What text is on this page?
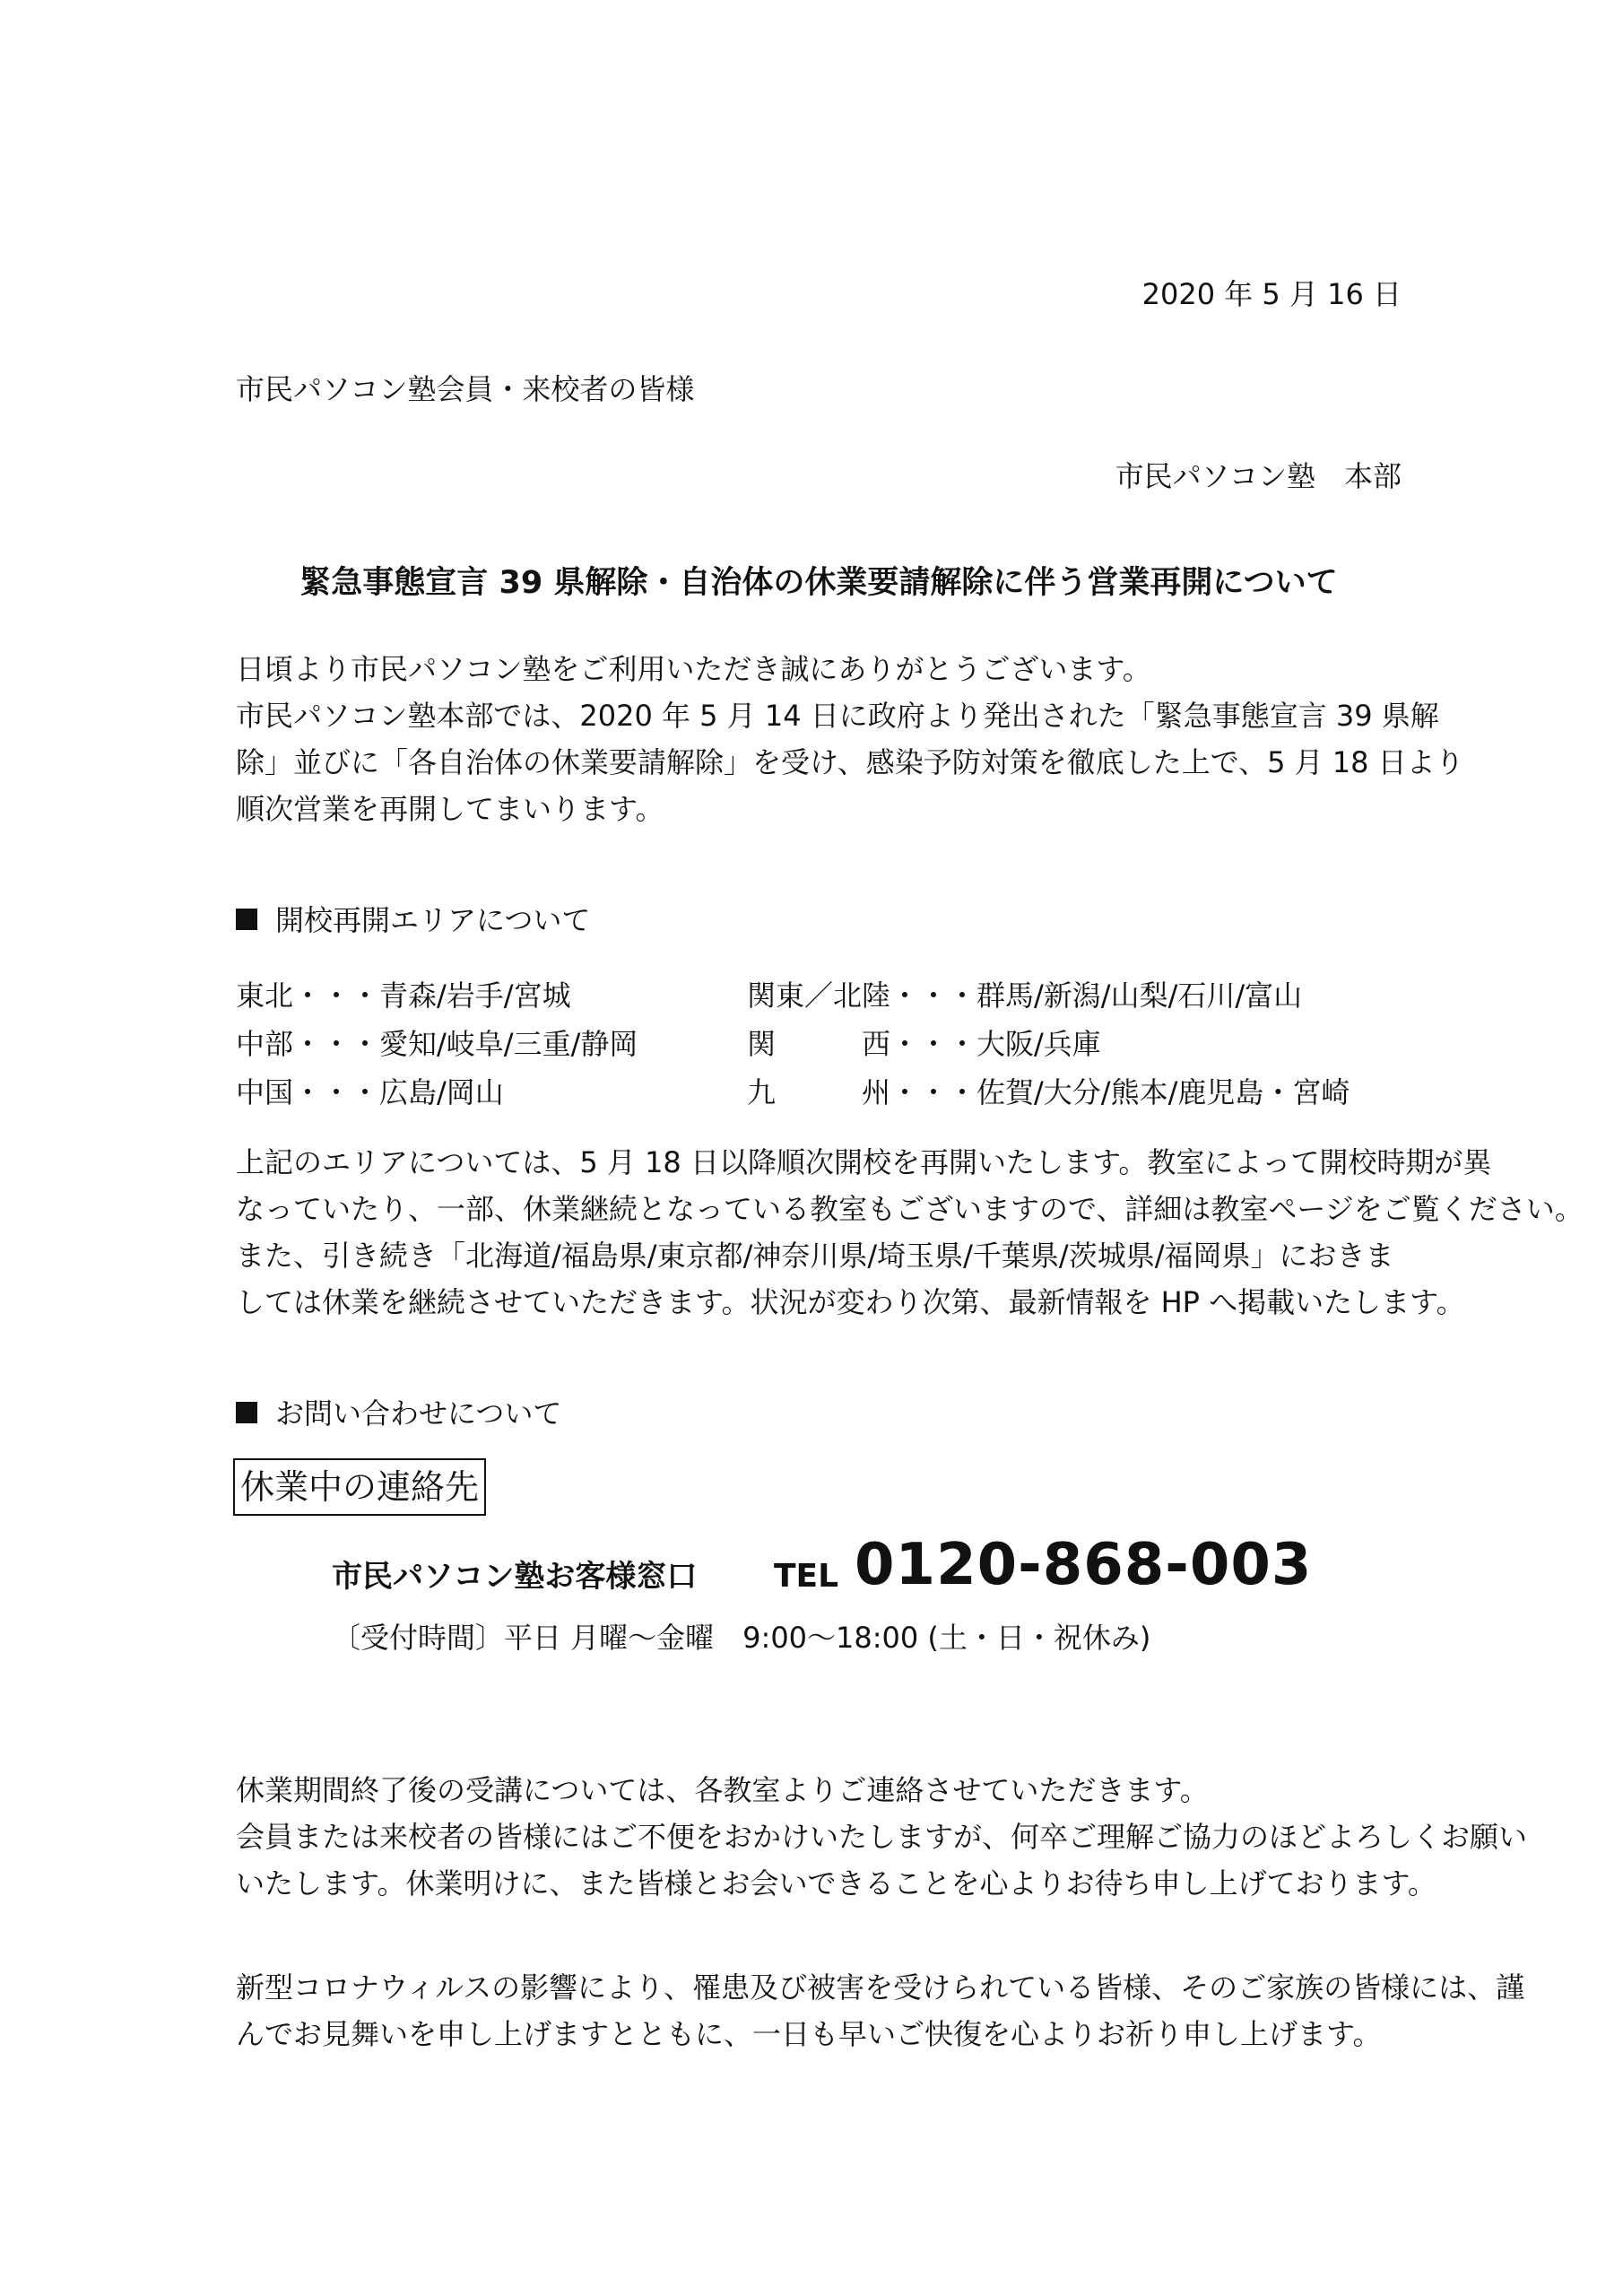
2020 年 5 月 16 日
市民パソコン塾会員・来校者の皆様
市民パソコン塾　本部
緊急事態宣言 39 県解除・自治体の休業要請解除に伴う営業再開について
日頃より市民パソコン塾をご利用いただき誠にありがとうございます。
市民パソコン塾本部では、2020 年 5 月 14 日に政府より発出された「緊急事態宣言 39 県解
除」並びに「各自治体の休業要請解除」を受け、感染予防対策を徹底した上で、5 月 18 日より
順次営業を再開してまいります。
開校再開エリアについて
東北・・・青森/岩手/宮城	関東／北陸・・・群馬/新潟/山梨/石川/富山
中部・・・愛知/岐阜/三重/静岡	関　　　西・・・大阪/兵庫
中国・・・広島/岡山	九　　　州・・・佐賀/大分/熊本/鹿児島・宮崎
上記のエリアについては、5 月 18 日以降順次開校を再開いたします。教室によって開校時期が異
なっていたり、一部、休業継続となっている教室もございますので、詳細は教室ページをご覧ください。
また、引き続き「北海道/福島県/東京都/神奈川県/埼玉県/千葉県/茨城県/福岡県」におきま
しては休業を継続させていただきます。状況が変わり次第、最新情報を HP へ掲載いたします。
お問い合わせについて
休業中の連絡先
市民パソコン塾お客様窓口 TEL 0120-868-003
〔受付時間〕平日 月曜～金曜　9:00～18:00 (土・日・祝休み)
休業期間終了後の受講については、各教室よりご連絡させていただきます。
会員または来校者の皆様にはご不便をおかけいたしますが、何卒ご理解ご協力のほどよろしくお願い
いたします。休業明けに、また皆様とお会いできることを心よりお待ち申し上げております。
新型コロナウィルスの影響により、罹患及び被害を受けられている皆様、そのご家族の皆様には、謹
んでお見舞いを申し上げますとともに、一日も早いご快復を心よりお祈り申し上げます。
